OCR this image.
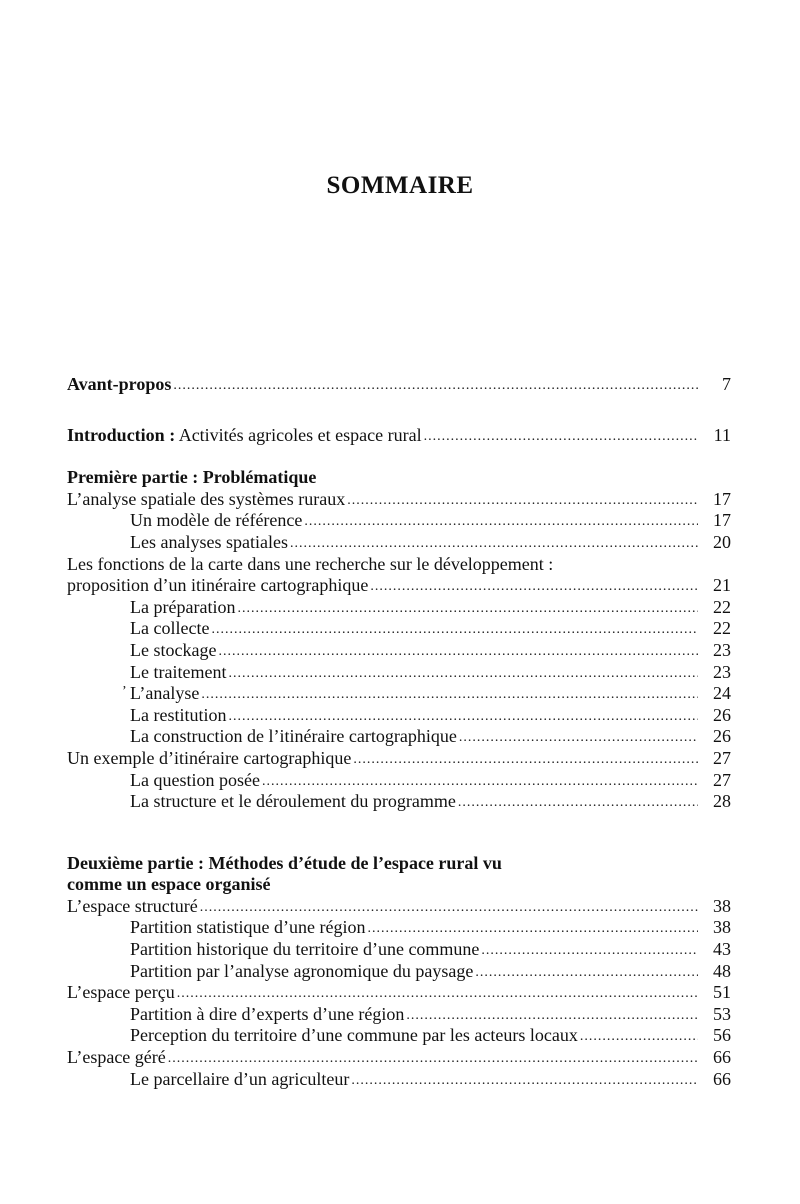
SOMMAIRE
Avant-propos .....	7
Introduction : Activités agricoles et espace rural .....	11
Première partie : Problématique
L’analyse spatiale des systèmes ruraux .....	17
Un modèle de référence .....	17
Les analyses spatiales .....	20
Les fonctions de la carte dans une recherche sur le développement :
proposition d’un itinéraire cartographique .....	21
La préparation .....	22
La collecte .....	22
Le stockage .....	23
Le traitement .....	23
ʼ L’analyse .....	24
La restitution .....	26
La construction de l’itinéraire cartographique .....	26
Un exemple d’itinéraire cartographique .....	27
La question posée .....	27
La structure et le déroulement du programme .....	28
Deuxième partie : Méthodes d’étude de l’espace rural vu
comme un espace organisé
L’espace structuré .....	38
Partition statistique d’une région .....	38
Partition historique du territoire d’une commune .....	43
Partition par l’analyse agronomique du paysage .....	48
L’espace perçu .....	51
Partition à dire d’experts d’une région .....	53
Perception du territoire d’une commune par les acteurs locaux .....	56
L’espace géré .....	66
Le parcellaire d’un agriculteur .....	66
